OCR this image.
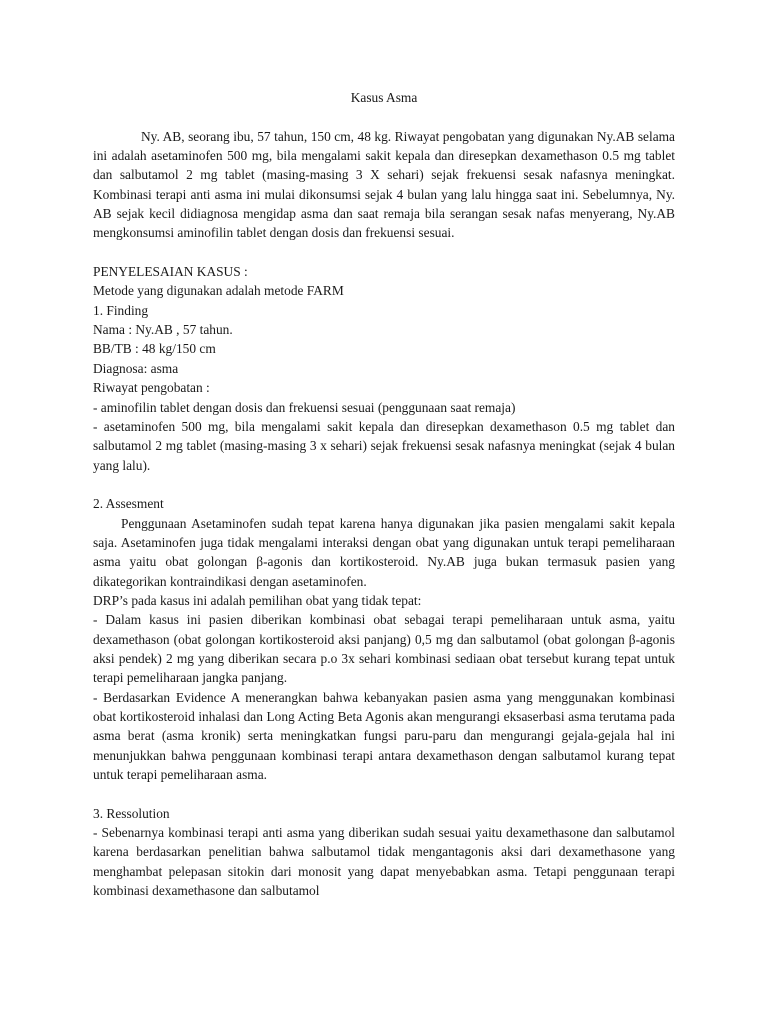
Kasus Asma

Ny. AB, seorang ibu, 57 tahun, 150 cm, 48 kg. Riwayat pengobatan yang digunakan Ny.AB selama ini adalah asetaminofen 500 mg, bila mengalami sakit kepala dan diresepkan dexamethason 0.5 mg tablet dan salbutamol 2 mg tablet (masing-masing 3 X sehari) sejak frekuensi sesak nafasnya meningkat. Kombinasi terapi anti asma ini mulai dikonsumsi sejak 4 bulan yang lalu hingga saat ini. Sebelumnya, Ny. AB sejak kecil didiagnosa mengidap asma dan saat remaja bila serangan sesak nafas menyerang, Ny.AB mengkonsumsi aminofilin tablet dengan dosis dan frekuensi sesuai.

PENYELESAIAN KASUS :
Metode yang digunakan adalah metode FARM
1. Finding
Nama : Ny.AB , 57 tahun.
BB/TB : 48 kg/150 cm
Diagnosa: asma
Riwayat pengobatan :
- aminofilin tablet dengan dosis dan frekuensi sesuai (penggunaan saat remaja)

- asetaminofen 500 mg, bila mengalami sakit kepala dan diresepkan dexamethason 0.5 mg tablet dan salbutamol 2 mg tablet (masing-masing 3 x sehari) sejak frekuensi sesak nafasnya meningkat (sejak 4 bulan yang lalu).

2. Assesment

Penggunaan Asetaminofen sudah tepat karena hanya digunakan jika pasien mengalami sakit kepala saja. Asetaminofen juga tidak mengalami interaksi dengan obat yang digunakan untuk terapi pemeliharaan asma yaitu obat golongan β-agonis dan kortikosteroid. Ny.AB juga bukan termasuk pasien yang dikategorikan kontraindikasi dengan asetaminofen.

DRP’s pada kasus ini adalah pemilihan obat yang tidak tepat:

- Dalam kasus ini pasien diberikan kombinasi obat sebagai terapi pemeliharaan untuk asma, yaitu dexamethason (obat golongan kortikosteroid aksi panjang) 0,5 mg dan salbutamol (obat golongan β-agonis aksi pendek) 2 mg yang diberikan secara p.o 3x sehari kombinasi sediaan obat tersebut kurang tepat untuk terapi pemeliharaan jangka panjang.

- Berdasarkan Evidence A menerangkan bahwa kebanyakan pasien asma yang menggunakan kombinasi obat kortikosteroid inhalasi dan Long Acting Beta Agonis akan mengurangi eksaserbasi asma terutama pada asma berat (asma kronik) serta meningkatkan fungsi paru-paru dan mengurangi gejala-gejala hal ini menunjukkan bahwa penggunaan kombinasi terapi antara dexamethason dengan salbutamol kurang tepat untuk terapi pemeliharaan asma.

3. Ressolution

- Sebenarnya kombinasi terapi anti asma yang diberikan sudah sesuai yaitu dexamethasone dan salbutamol karena berdasarkan penelitian bahwa salbutamol tidak mengantagonis aksi dari dexamethasone yang menghambat pelepasan sitokin dari monosit yang dapat menyebabkan asma. Tetapi penggunaan terapi kombinasi dexamethasone dan salbutamol
